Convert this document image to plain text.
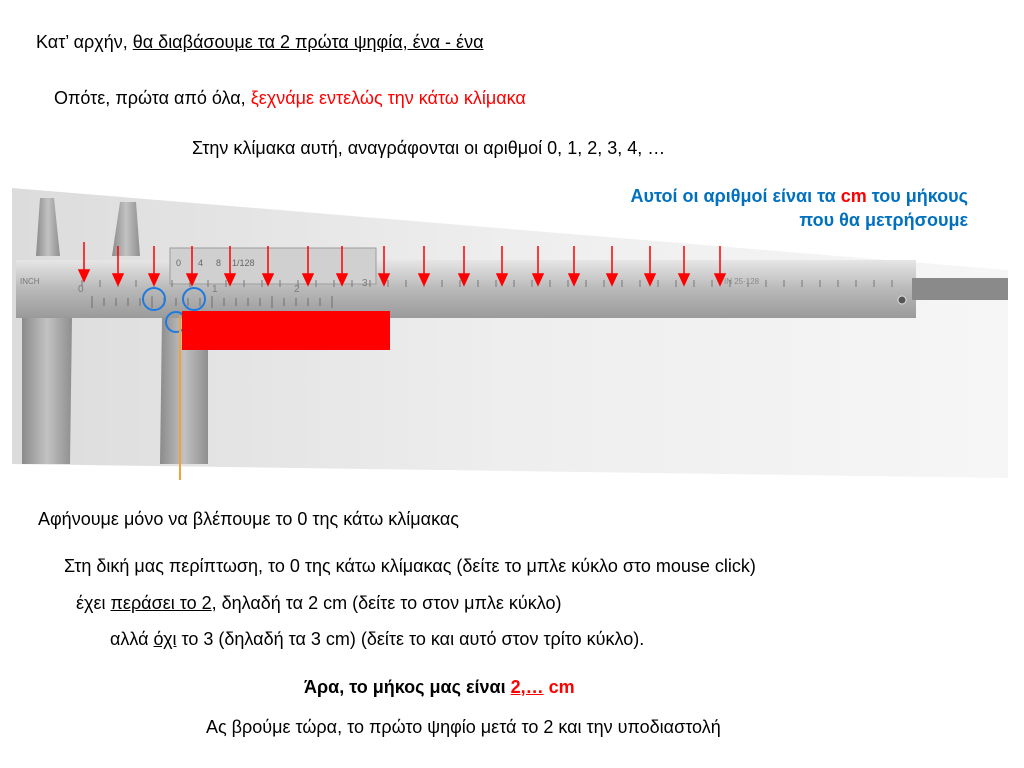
Κατ’ αρχήν, θα διαβάσουμε τα 2 πρώτα ψηφία, ένα - ένα
Οπότε, πρώτα από όλα, ξεχνάμε εντελώς την κάτω κλίμακα
Στην κλίμακα αυτή, αναγράφονται οι αριθμοί 0, 1, 2, 3, 4, …
Αυτοί οι αριθμοί είναι τα cm του μήκους
που θα μετρήσουμε
0	1	2
3
0 4 8 1/128
INCH	IN 25·128
Αφήνουμε μόνο να βλέπουμε το 0 της κάτω κλίμακας
Στη δική μας περίπτωση, το 0 της κάτω κλίμακας (δείτε το μπλε κύκλο στο mouse click)
έχει περάσει το 2, δηλαδή τα 2 cm (δείτε το στον μπλε κύκλο)
αλλά όχι το 3 (δηλαδή τα 3 cm) (δείτε το και αυτό στον τρίτο κύκλο).
Άρα, το μήκος μας είναι 2,… cm
Ας βρούμε τώρα, το πρώτο ψηφίο μετά το 2 και την υποδιαστολή
